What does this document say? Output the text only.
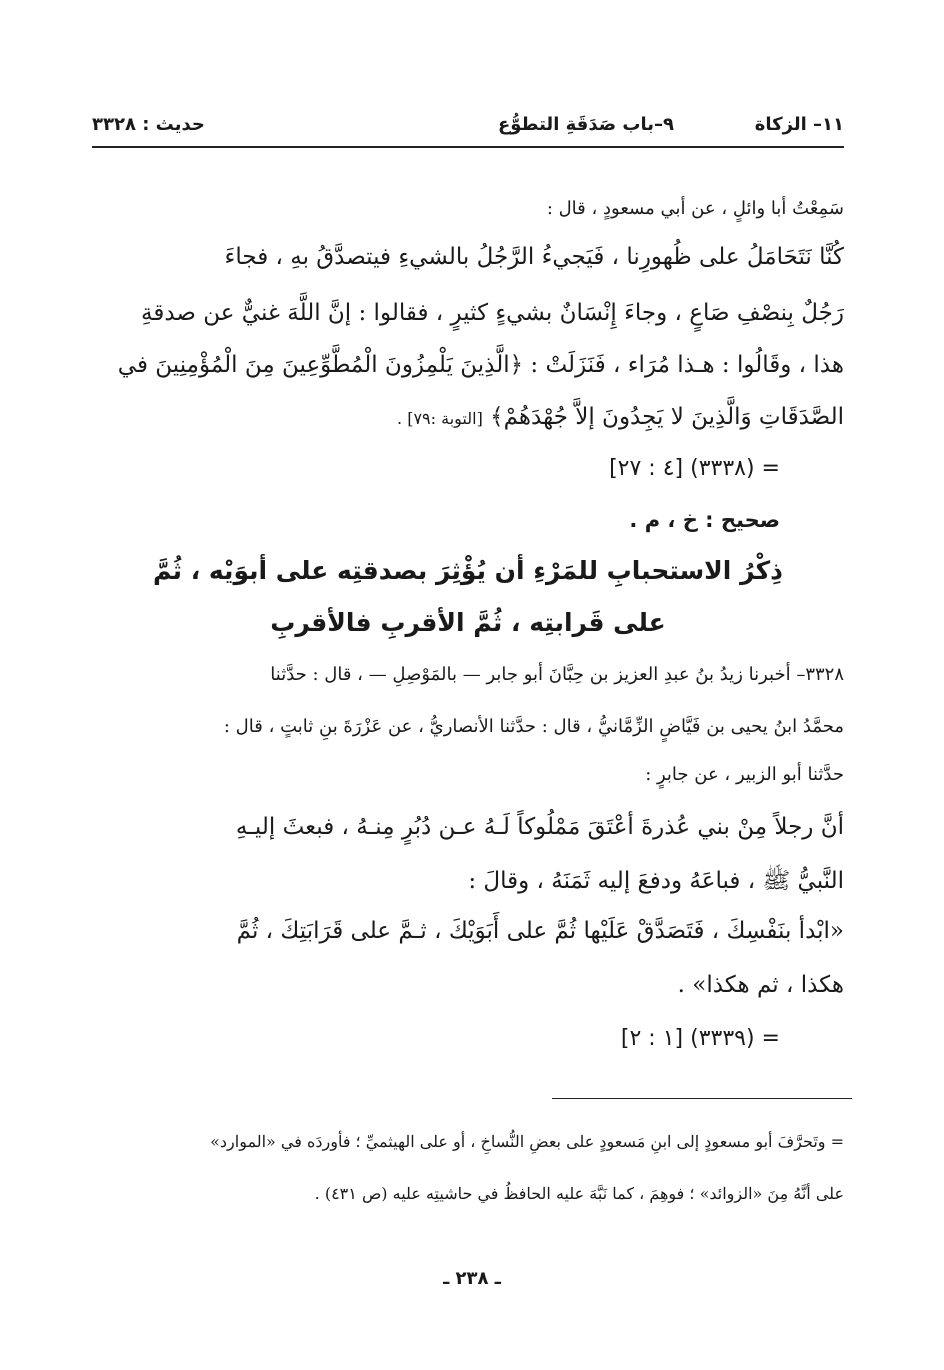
١١– الزكاة
٩–باب صَدَقَةِ التطوُّع
حديث : ٣٣٢٨
سَمِعْتُ أبا وائلٍ ، عن أبي مسعودٍ ، قال :
كُنَّا نَتَحَامَلُ على ظُهورِنا ، فَيَجيءُ الرَّجُلُ بالشيءِ فيتصدَّقُ بهِ ، فجاءَ
رَجُلٌ بِنصْفِ صَاعٍ ، وجاءَ إِنْسَانٌ بشيءٍ كثيرٍ ، فقالوا : إنَّ اللَّهَ غنيٌّ عن صدقةِ
هذا ، وقَالُوا : هـذا مُرَاء ، فَنَزَلَتْ : ﴿الَّذِينَ يَلْمِزُونَ الْمُطَّوِّعِينَ مِنَ الْمُؤْمِنِينَ في
الصَّدَقَاتِ وَالَّذِينَ لا يَجِدُونَ إلاَّ جُهْدَهُمْ﴾ [التوبة :٧٩] .
= (٣٣٣٨) [٤ : ٢٧]
صحيح : خ ، م .
ذِكْرُ الاستحبابِ للمَرْءِ أن يُؤْثِرَ بصدقتِه على أبوَيْه ، ثُمَّ
على قَرابتِه ، ثُمَّ الأقربِ فالأقربِ
٣٣٢٨– أخبرنا زيدُ بنُ عبدِ العزيز بن حِبَّانَ أبو جابر — بالمَوْصِلِ — ، قال : حدَّثنا
محمَّدُ ابنُ يحيى بن فَيَّاضٍ الزِّمَّانيُّ ، قال : حدَّثنا الأنصاريُّ ، عن عَزْرَةَ بنِ ثابتٍ ، قال :
حدَّثنا أبو الزبير ، عن جابرٍ :
أنَّ رجلاً مِنْ بني عُذرةَ أعْتَقَ مَمْلُوكاً لَـهُ عـن دُبُرٍ مِنـهُ ، فبعثَ إليـهِ
النَّبيُّ ﷺ ، فباعَهُ ودفعَ إليه ثَمَنَهُ ، وقالَ :
«ابْدأ بنَفْسِكَ ، فَتَصَدَّقْ عَلَيْها ثُمَّ على أَبَوَيْكَ ، ثـمَّ على قَرَابَتِكَ ، ثُمَّ
هكذا ، ثم هكذا» .
= (٣٣٣٩) [١ : ٢]
= وتَحرَّفَ أبو مسعودٍ إلى ابنِ مَسعودٍ على بعضِ النُّساخِ ، أو على الهيثميِّ ؛ فأوردَه في «الموارد»
على أنَّهُ مِنَ «الزوائد» ؛ فوهِمَ ، كما نَبَّهَ عليه الحافظُ في حاشيتِه عليه (ص ٤٣١) .
ـ ٢٣٨ ـ
